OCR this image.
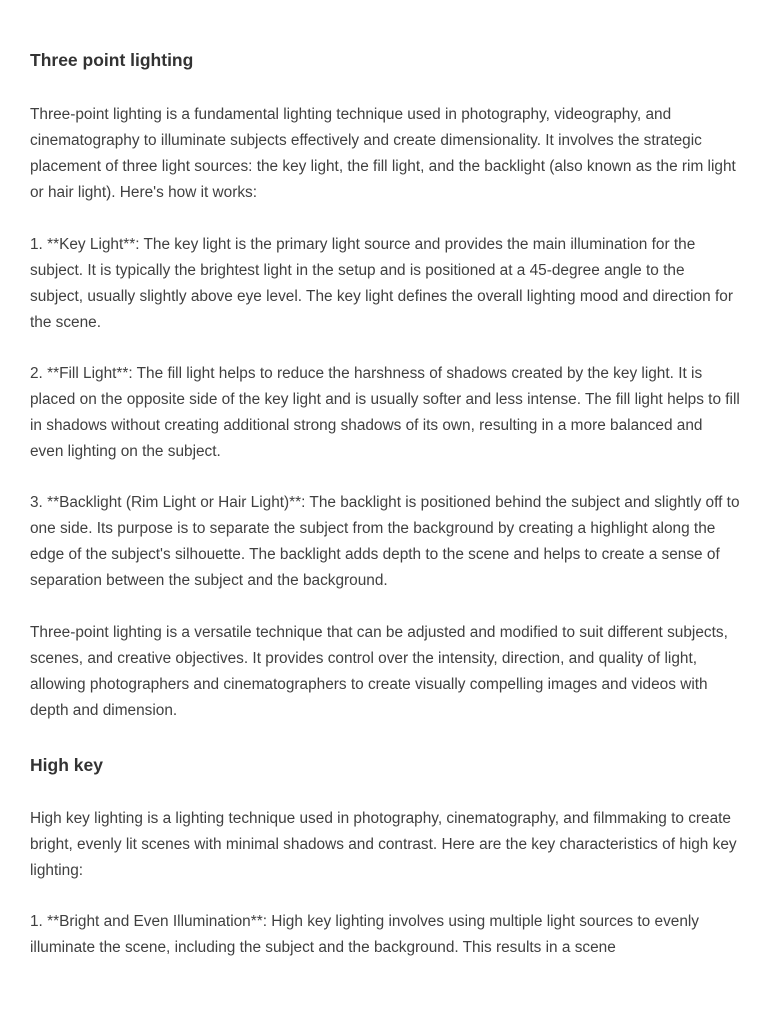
Three point lighting

Three-point lighting is a fundamental lighting technique used in photography, videography, and cinematography to illuminate subjects effectively and create dimensionality. It involves the strategic placement of three light sources: the key light, the fill light, and the backlight (also known as the rim light or hair light). Here's how it works:

1. **Key Light**: The key light is the primary light source and provides the main illumination for the subject. It is typically the brightest light in the setup and is positioned at a 45-degree angle to the subject, usually slightly above eye level. The key light defines the overall lighting mood and direction for the scene.

2. **Fill Light**: The fill light helps to reduce the harshness of shadows created by the key light. It is placed on the opposite side of the key light and is usually softer and less intense. The fill light helps to fill in shadows without creating additional strong shadows of its own, resulting in a more balanced and even lighting on the subject.

3. **Backlight (Rim Light or Hair Light)**: The backlight is positioned behind the subject and slightly off to one side. Its purpose is to separate the subject from the background by creating a highlight along the edge of the subject's silhouette. The backlight adds depth to the scene and helps to create a sense of separation between the subject and the background.

Three-point lighting is a versatile technique that can be adjusted and modified to suit different subjects, scenes, and creative objectives. It provides control over the intensity, direction, and quality of light, allowing photographers and cinematographers to create visually compelling images and videos with depth and dimension.

High key

High key lighting is a lighting technique used in photography, cinematography, and filmmaking to create bright, evenly lit scenes with minimal shadows and contrast. Here are the key characteristics of high key lighting:

1. **Bright and Even Illumination**: High key lighting involves using multiple light sources to evenly illuminate the scene, including the subject and the background. This results in a scene
